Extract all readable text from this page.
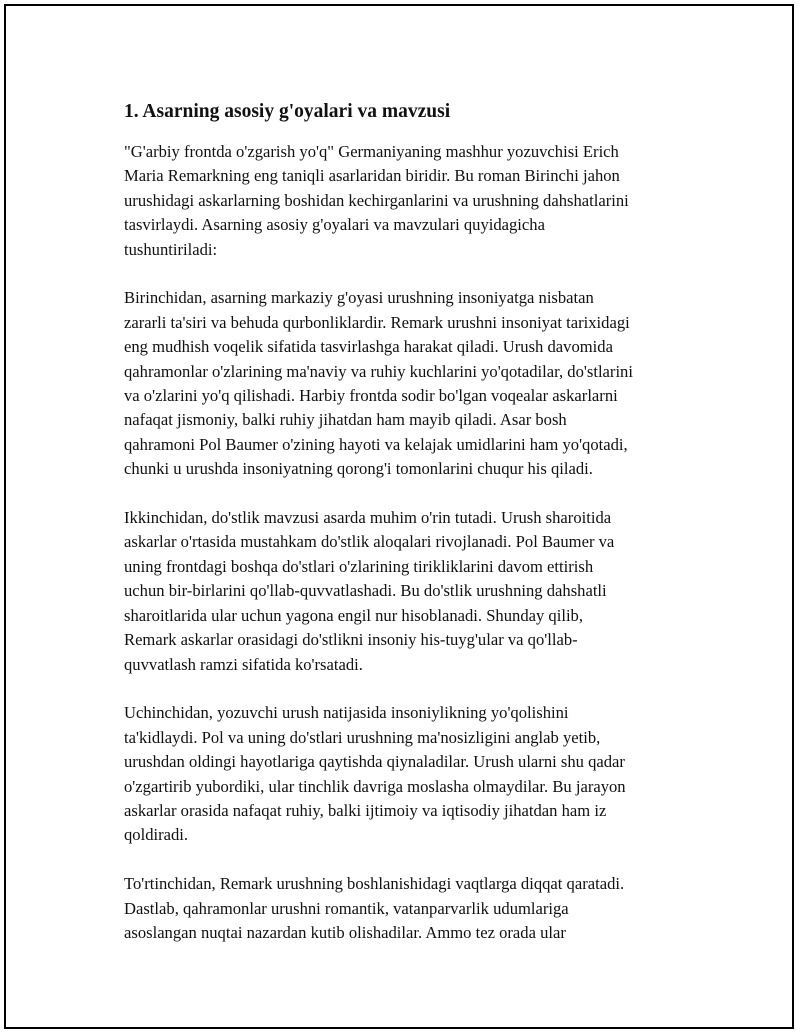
1. Asarning asosiy g'oyalari va mavzusi

"G'arbiy frontda o'zgarish yo'q" Germaniyaning mashhur yozuvchisi Erich
Maria Remarkning eng taniqli asarlaridan biridir. Bu roman Birinchi jahon
urushidagi askarlarning boshidan kechirganlarini va urushning dahshatlarini
tasvirlaydi. Asarning asosiy g'oyalari va mavzulari quyidagicha
tushuntiriladi:

Birinchidan, asarning markaziy g'oyasi urushning insoniyatga nisbatan
zararli ta'siri va behuda qurbonliklardir. Remark urushni insoniyat tarixidagi
eng mudhish voqelik sifatida tasvirlashga harakat qiladi. Urush davomida
qahramonlar o'zlarining ma'naviy va ruhiy kuchlarini yo'qotadilar, do'stlarini
va o'zlarini yo'q qilishadi. Harbiy frontda sodir bo'lgan voqealar askarlarni
nafaqat jismoniy, balki ruhiy jihatdan ham mayib qiladi. Asar bosh
qahramoni Pol Baumer o'zining hayoti va kelajak umidlarini ham yo'qotadi,
chunki u urushda insoniyatning qorong'i tomonlarini chuqur his qiladi.

Ikkinchidan, do'stlik mavzusi asarda muhim o'rin tutadi. Urush sharoitida
askarlar o'rtasida mustahkam do'stlik aloqalari rivojlanadi. Pol Baumer va
uning frontdagi boshqa do'stlari o'zlarining tirikliklarini davom ettirish
uchun bir-birlarini qo'llab-quvvatlashadi. Bu do'stlik urushning dahshatli
sharoitlarida ular uchun yagona engil nur hisoblanadi. Shunday qilib,
Remark askarlar orasidagi do'stlikni insoniy his-tuyg'ular va qo'llab-
quvvatlash ramzi sifatida ko'rsatadi.

Uchinchidan, yozuvchi urush natijasida insoniylikning yo'qolishini
ta'kidlaydi. Pol va uning do'stlari urushning ma'nosizligini anglab yetib,
urushdan oldingi hayotlariga qaytishda qiynaladilar. Urush ularni shu qadar
o'zgartirib yubordiki, ular tinchlik davriga moslasha olmaydilar. Bu jarayon
askarlar orasida nafaqat ruhiy, balki ijtimoiy va iqtisodiy jihatdan ham iz
qoldiradi.

To'rtinchidan, Remark urushning boshlanishidagi vaqtlarga diqqat qaratadi.
Dastlab, qahramonlar urushni romantik, vatanparvarlik udumlariga
asoslangan nuqtai nazardan kutib olishadilar. Ammo tez orada ular
